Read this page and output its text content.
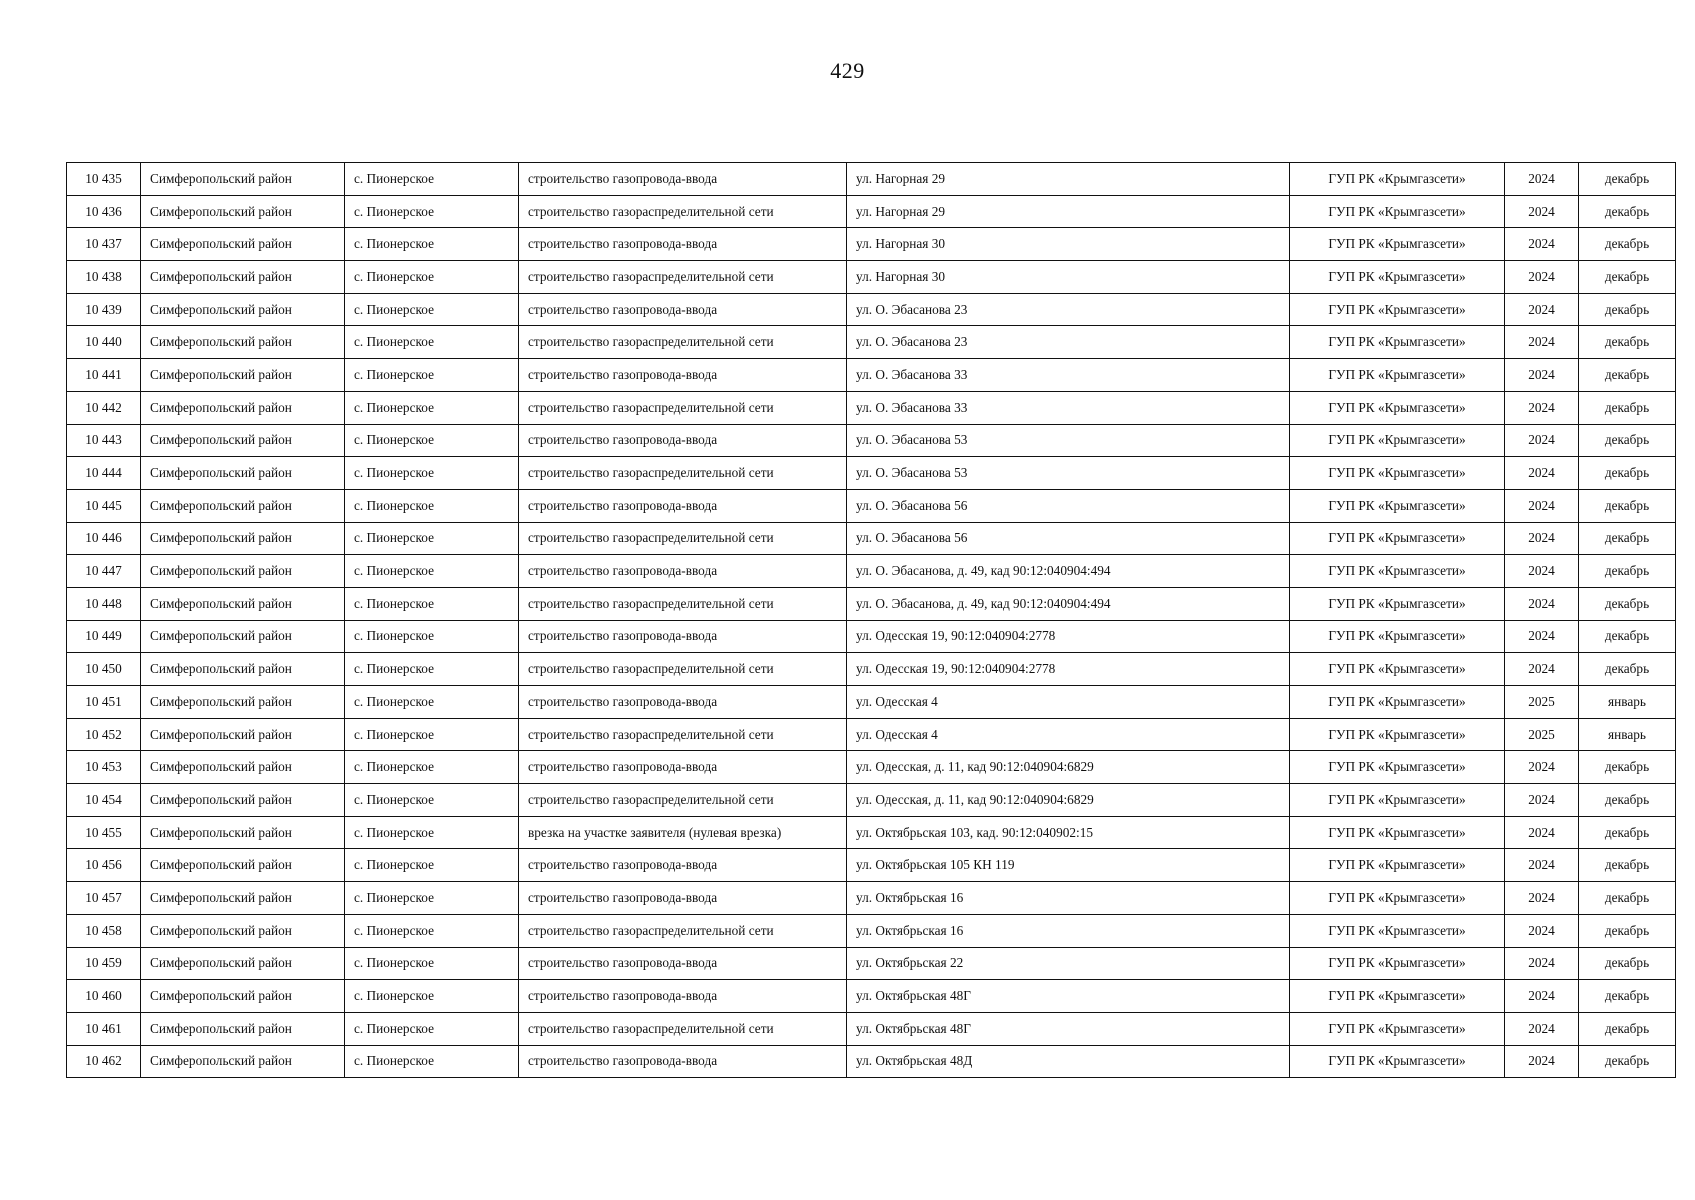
429
10 435	Симферопольский район	с. Пионерское	строительство газопровода-ввода	ул. Нагорная 29	ГУП РК «Крымгазсети»	2024	декабрь
10 436	Симферопольский район	с. Пионерское	строительство газораспределительной сети	ул. Нагорная 29	ГУП РК «Крымгазсети»	2024	декабрь
10 437	Симферопольский район	с. Пионерское	строительство газопровода-ввода	ул. Нагорная 30	ГУП РК «Крымгазсети»	2024	декабрь
10 438	Симферопольский район	с. Пионерское	строительство газораспределительной сети	ул. Нагорная 30	ГУП РК «Крымгазсети»	2024	декабрь
10 439	Симферопольский район	с. Пионерское	строительство газопровода-ввода	ул. О. Эбасанова 23	ГУП РК «Крымгазсети»	2024	декабрь
10 440	Симферопольский район	с. Пионерское	строительство газораспределительной сети	ул. О. Эбасанова 23	ГУП РК «Крымгазсети»	2024	декабрь
10 441	Симферопольский район	с. Пионерское	строительство газопровода-ввода	ул. О. Эбасанова 33	ГУП РК «Крымгазсети»	2024	декабрь
10 442	Симферопольский район	с. Пионерское	строительство газораспределительной сети	ул. О. Эбасанова 33	ГУП РК «Крымгазсети»	2024	декабрь
10 443	Симферопольский район	с. Пионерское	строительство газопровода-ввода	ул. О. Эбасанова 53	ГУП РК «Крымгазсети»	2024	декабрь
10 444	Симферопольский район	с. Пионерское	строительство газораспределительной сети	ул. О. Эбасанова 53	ГУП РК «Крымгазсети»	2024	декабрь
10 445	Симферопольский район	с. Пионерское	строительство газопровода-ввода	ул. О. Эбасанова 56	ГУП РК «Крымгазсети»	2024	декабрь
10 446	Симферопольский район	с. Пионерское	строительство газораспределительной сети	ул. О. Эбасанова 56	ГУП РК «Крымгазсети»	2024	декабрь
10 447	Симферопольский район	с. Пионерское	строительство газопровода-ввода	ул. О. Эбасанова, д. 49, кад 90:12:040904:494	ГУП РК «Крымгазсети»	2024	декабрь
10 448	Симферопольский район	с. Пионерское	строительство газораспределительной сети	ул. О. Эбасанова, д. 49, кад 90:12:040904:494	ГУП РК «Крымгазсети»	2024	декабрь
10 449	Симферопольский район	с. Пионерское	строительство газопровода-ввода	ул. Одесская 19, 90:12:040904:2778	ГУП РК «Крымгазсети»	2024	декабрь
10 450	Симферопольский район	с. Пионерское	строительство газораспределительной сети	ул. Одесская 19, 90:12:040904:2778	ГУП РК «Крымгазсети»	2024	декабрь
10 451	Симферопольский район	с. Пионерское	строительство газопровода-ввода	ул. Одесская 4	ГУП РК «Крымгазсети»	2025	январь
10 452	Симферопольский район	с. Пионерское	строительство газораспределительной сети	ул. Одесская 4	ГУП РК «Крымгазсети»	2025	январь
10 453	Симферопольский район	с. Пионерское	строительство газопровода-ввода	ул. Одесская, д. 11, кад 90:12:040904:6829	ГУП РК «Крымгазсети»	2024	декабрь
10 454	Симферопольский район	с. Пионерское	строительство газораспределительной сети	ул. Одесская, д. 11, кад 90:12:040904:6829	ГУП РК «Крымгазсети»	2024	декабрь
10 455	Симферопольский район	с. Пионерское	врезка на участке заявителя (нулевая врезка)	ул. Октябрьская 103, кад. 90:12:040902:15	ГУП РК «Крымгазсети»	2024	декабрь
10 456	Симферопольский район	с. Пионерское	строительство газопровода-ввода	ул. Октябрьская 105 КН 119	ГУП РК «Крымгазсети»	2024	декабрь
10 457	Симферопольский район	с. Пионерское	строительство газопровода-ввода	ул. Октябрьская 16	ГУП РК «Крымгазсети»	2024	декабрь
10 458	Симферопольский район	с. Пионерское	строительство газораспределительной сети	ул. Октябрьская 16	ГУП РК «Крымгазсети»	2024	декабрь
10 459	Симферопольский район	с. Пионерское	строительство газопровода-ввода	ул. Октябрьская 22	ГУП РК «Крымгазсети»	2024	декабрь
10 460	Симферопольский район	с. Пионерское	строительство газопровода-ввода	ул. Октябрьская 48Г	ГУП РК «Крымгазсети»	2024	декабрь
10 461	Симферопольский район	с. Пионерское	строительство газораспределительной сети	ул. Октябрьская 48Г	ГУП РК «Крымгазсети»	2024	декабрь
10 462	Симферопольский район	с. Пионерское	строительство газопровода-ввода	ул. Октябрьская 48Д	ГУП РК «Крымгазсети»	2024	декабрь
